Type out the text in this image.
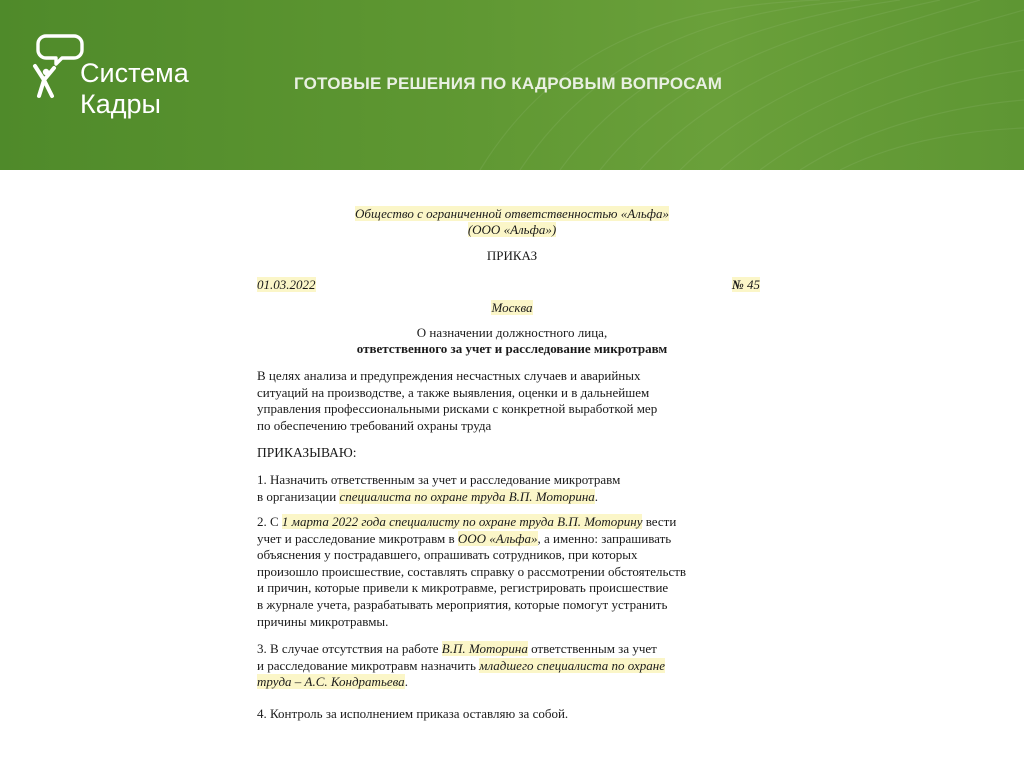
Система
Кадры
ГОТОВЫЕ РЕШЕНИЯ ПО КАДРОВЫМ ВОПРОСАМ
Общество с ограниченной ответственностью «Альфа»
(ООО «Альфа»)
ПРИКАЗ
01.03.2022	№ 45
Москва
О назначении должностного лица,
ответственного за учет и расследование микротравм
В целях анализа и предупреждения несчастных случаев и аварийных
ситуаций на производстве, а также выявления, оценки и в дальнейшем
управления профессиональными рисками с конкретной выработкой мер
по обеспечению требований охраны труда
ПРИКАЗЫВАЮ:
1. Назначить ответственным за учет и расследование микротравм
в организации специалиста по охране труда В.П. Моторина.
2. С 1 марта 2022 года специалисту по охране труда В.П. Моторину вести
учет и расследование микротравм в ООО «Альфа», а именно: запрашивать
объяснения у пострадавшего, опрашивать сотрудников, при которых
произошло происшествие, составлять справку о рассмотрении обстоятельств
и причин, которые привели к микротравме, регистрировать происшествие
в журнале учета, разрабатывать мероприятия, которые помогут устранить
причины микротравмы.
3. В случае отсутствия на работе В.П. Моторина ответственным за учет
и расследование микротравм назначить младшего специалиста по охране
труда – А.С. Кондратьева.
4. Контроль за исполнением приказа оставляю за собой.
